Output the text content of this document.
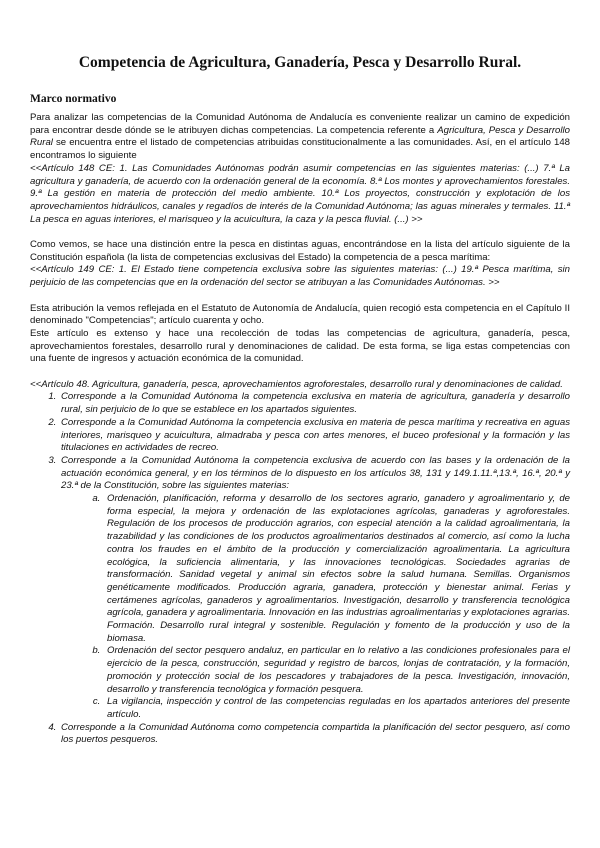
Competencia de Agricultura, Ganadería, Pesca y Desarrollo Rural.
Marco normativo

Para analizar las competencias de la Comunidad Autónoma de Andalucía es conveniente realizar un camino de expedición para encontrar desde dónde se le atribuyen dichas competencias. La competencia referente a Agricultura, Pesca y Desarrollo Rural se encuentra entre el listado de competencias atribuidas constitucionalmente a las comunidades. Así, en el artículo 148 encontramos lo siguiente

<<Artículo 148 CE: 1. Las Comunidades Autónomas podrán asumir competencias en las siguientes materias: (...) 7.ª La agricultura y ganadería, de acuerdo con la ordenación general de la economía. 8.ª Los montes y aprovechamientos forestales. 9.ª La gestión en materia de protección del medio ambiente. 10.ª Los proyectos, construcción y explotación de los aprovechamientos hidráulicos, canales y regadíos de interés de la Comunidad Autónoma; las aguas minerales y termales. 11.ª La pesca en aguas interiores, el marisqueo y la acuicultura, la caza y la pesca fluvial. (...) >>

Como vemos, se hace una distinción entre la pesca en distintas aguas, encontrándose en la lista del artículo siguiente de la Constitución española (la lista de competencias exclusivas del Estado) la competencia de a pesca marítima:

<<Artículo 149 CE: 1. El Estado tiene competencia exclusiva sobre las siguientes materias: (...) 19.ª Pesca marítima, sin perjuicio de las competencias que en la ordenación del sector se atribuyan a las Comunidades Autónomas. >>

Esta atribución la vemos reflejada en el Estatuto de Autonomía de Andalucía, quien recogió esta competencia en el Capítulo II denominado "Competencias"; artículo cuarenta y ocho.

Este artículo es extenso y hace una recolección de todas las competencias de agricultura, ganadería, pesca, aprovechamientos forestales, desarrollo rural y denominaciones de calidad. De esta forma, se liga estas competencias con una fuente de ingresos y actuación económica de la comunidad.

<<Artículo 48. Agricultura, ganadería, pesca, aprovechamientos agroforestales, desarrollo rural y denominaciones de calidad.

1. Corresponde a la Comunidad Autónoma la competencia exclusiva en materia de agricultura, ganadería y desarrollo rural, sin perjuicio de lo que se establece en los apartados siguientes.
2. Corresponde a la Comunidad Autónoma la competencia exclusiva en materia de pesca marítima y recreativa en aguas interiores, marisqueo y acuicultura, almadraba y pesca con artes menores, el buceo profesional y la formación y las titulaciones en actividades de recreo.
3. Corresponde a la Comunidad Autónoma la competencia exclusiva de acuerdo con las bases y la ordenación de la actuación económica general, y en los términos de lo dispuesto en los artículos 38, 131 y 149.1.11.ª,13.ª, 16.ª, 20.ª y 23.ª de la Constitución, sobre las siguientes materias:
a. Ordenación, planificación, reforma y desarrollo de los sectores agrario, ganadero y agroalimentario y, de forma especial, la mejora y ordenación de las explotaciones agrícolas, ganaderas y agroforestales. Regulación de los procesos de producción agrarios, con especial atención a la calidad agroalimentaria, la trazabilidad y las condiciones de los productos agroalimentarios destinados al comercio, así como la lucha contra los fraudes en el ámbito de la producción y comercialización agroalimentaria. La agricultura ecológica, la suficiencia alimentaria, y las innovaciones tecnológicas. Sociedades agrarias de transformación. Sanidad vegetal y animal sin efectos sobre la salud humana. Semillas. Organismos genéticamente modificados. Producción agraria, ganadera, protección y bienestar animal. Ferias y certámenes agrícolas, ganaderos y agroalimentarios. Investigación, desarrollo y transferencia tecnológica agrícola, ganadera y agroalimentaria. Innovación en las industrias agroalimentarias y explotaciones agrarias. Formación. Desarrollo rural integral y sostenible. Regulación y fomento de la producción y uso de la biomasa.
b. Ordenación del sector pesquero andaluz, en particular en lo relativo a las condiciones profesionales para el ejercicio de la pesca, construcción, seguridad y registro de barcos, lonjas de contratación, y la formación, promoción y protección social de los pescadores y trabajadores de la pesca. Investigación, innovación, desarrollo y transferencia tecnológica y formación pesquera.
c. La vigilancia, inspección y control de las competencias reguladas en los apartados anteriores del presente artículo.
4. Corresponde a la Comunidad Autónoma como competencia compartida la planificación del sector pesquero, así como los puertos pesqueros.
